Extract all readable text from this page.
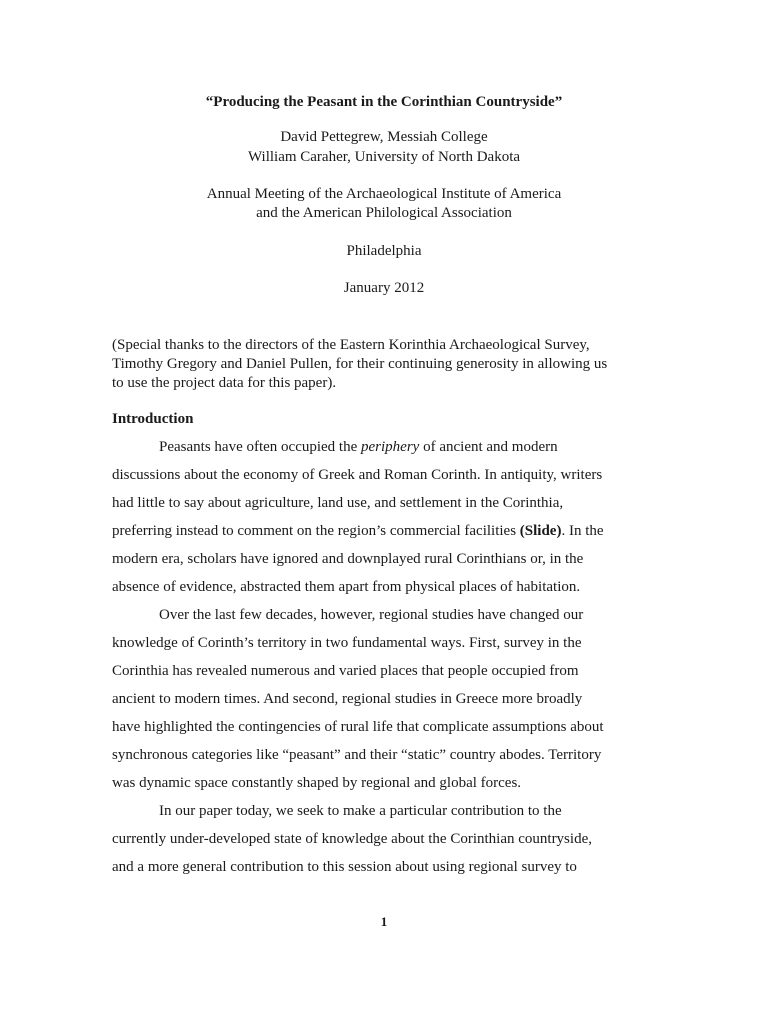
“Producing the Peasant in the Corinthian Countryside”
David Pettegrew, Messiah College
William Caraher, University of North Dakota
Annual Meeting of the Archaeological Institute of America
and the American Philological Association
Philadelphia
January 2012
(Special thanks to the directors of the Eastern Korinthia Archaeological Survey,
Timothy Gregory and Daniel Pullen, for their continuing generosity in allowing us
to use the project data for this paper).
Introduction
Peasants have often occupied the periphery of ancient and modern
discussions about the economy of Greek and Roman Corinth. In antiquity, writers
had little to say about agriculture, land use, and settlement in the Corinthia,
preferring instead to comment on the region’s commercial facilities (Slide). In the
modern era, scholars have ignored and downplayed rural Corinthians or, in the
absence of evidence, abstracted them apart from physical places of habitation.
Over the last few decades, however, regional studies have changed our
knowledge of Corinth’s territory in two fundamental ways. First, survey in the
Corinthia has revealed numerous and varied places that people occupied from
ancient to modern times. And second, regional studies in Greece more broadly
have highlighted the contingencies of rural life that complicate assumptions about
synchronous categories like “peasant” and their “static” country abodes. Territory
was dynamic space constantly shaped by regional and global forces.
In our paper today, we seek to make a particular contribution to the
currently under-developed state of knowledge about the Corinthian countryside,
and a more general contribution to this session about using regional survey to
1
